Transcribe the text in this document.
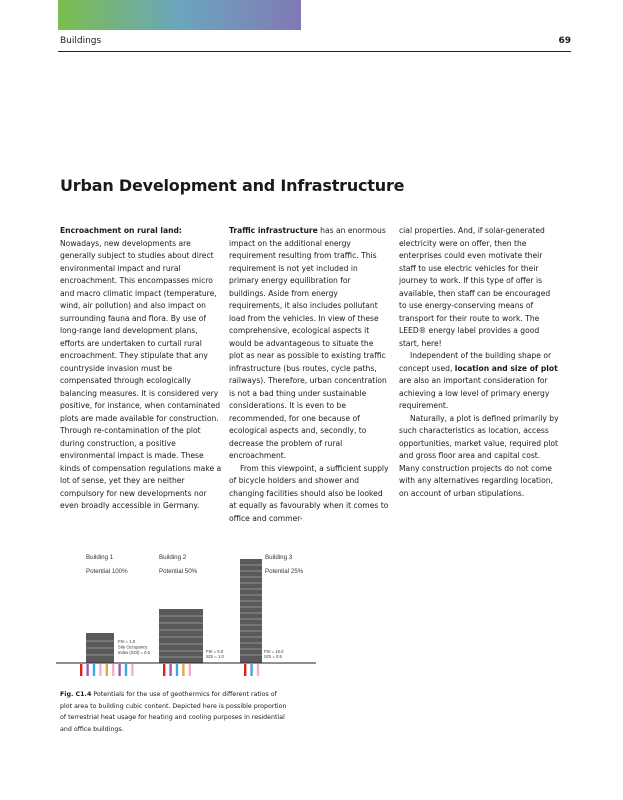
Buildings	69
Urban Development and Infrastructure

Encroachment on rural land: Nowadays, new developments are generally subject to studies about direct environmental impact and rural encroachment. This encompasses micro and macro climatic impact (temperature, wind, air pollution) and also impact on surrounding fauna and flora. By use of long-range land development plans, efforts are undertaken to curtail rural encroachment. They stipulate that any countryside invasion must be compensated through ecologically balancing measures. It is considered very positive, for instance, when contaminated plots are made available for construction. Through re-contamination of the plot during construction, a positive environmental impact is made. These kinds of compensation regulations make a lot of sense, yet they are neither compulsory for new developments nor even broadly accessible in Germany.

Traffic infrastructure has an enormous impact on the additional energy requirement resulting from traffic. This requirement is not yet included in primary energy equilibration for buildings. Aside from energy requirements, it also includes pollutant load from the vehicles. In view of these comprehensive, ecological aspects it would be advantageous to situate the plot as near as possible to existing traffic infrastructure (bus routes, cycle paths, railways). Therefore, urban concentration is not a bad thing under sustainable considerations. It is even to be recommended, for one because of ecological aspects and, secondly, to decrease the problem of rural encroachment.

From this viewpoint, a sufficient supply of bicycle holders and shower and changing facilities should also be looked at equally as favourably when it comes to office and commer-

cial properties. And, if solar-generated electricity were on offer, then the enterprises could even motivate their staff to use electric vehicles for their journey to work. If this type of offer is available, then staff can be encouraged to use energy-conserving means of transport for their route to work. The LEED® energy label provides a good start, here!

Independent of the building shape or concept used, location and size of plot are also an important consideration for achieving a low level of primary energy requirement.

Naturally, a plot is defined primarily by such characteristics as location, access opportunities, market value, required plot and gross floor area and capital cost. Many construction projects do not come with any alternatives regarding location, on account of urban stipulations.

Building 1
Potential 100%
Building 2
Potential 50%
Building 3
Potential 25%
FSI = 1.0
Site Occupancy
Index (SOI) = 0.5	FSI = 5.0
SOI = 1.0
FSI = 10.0
SOI = 0.5
Fig. C1.4 Potentials for the use of geothermics for different ratios of plot area to building cubic content. Depicted here is possible proportion of terrestrial heat usage for heating and cooling purposes in residential and office buildings.
